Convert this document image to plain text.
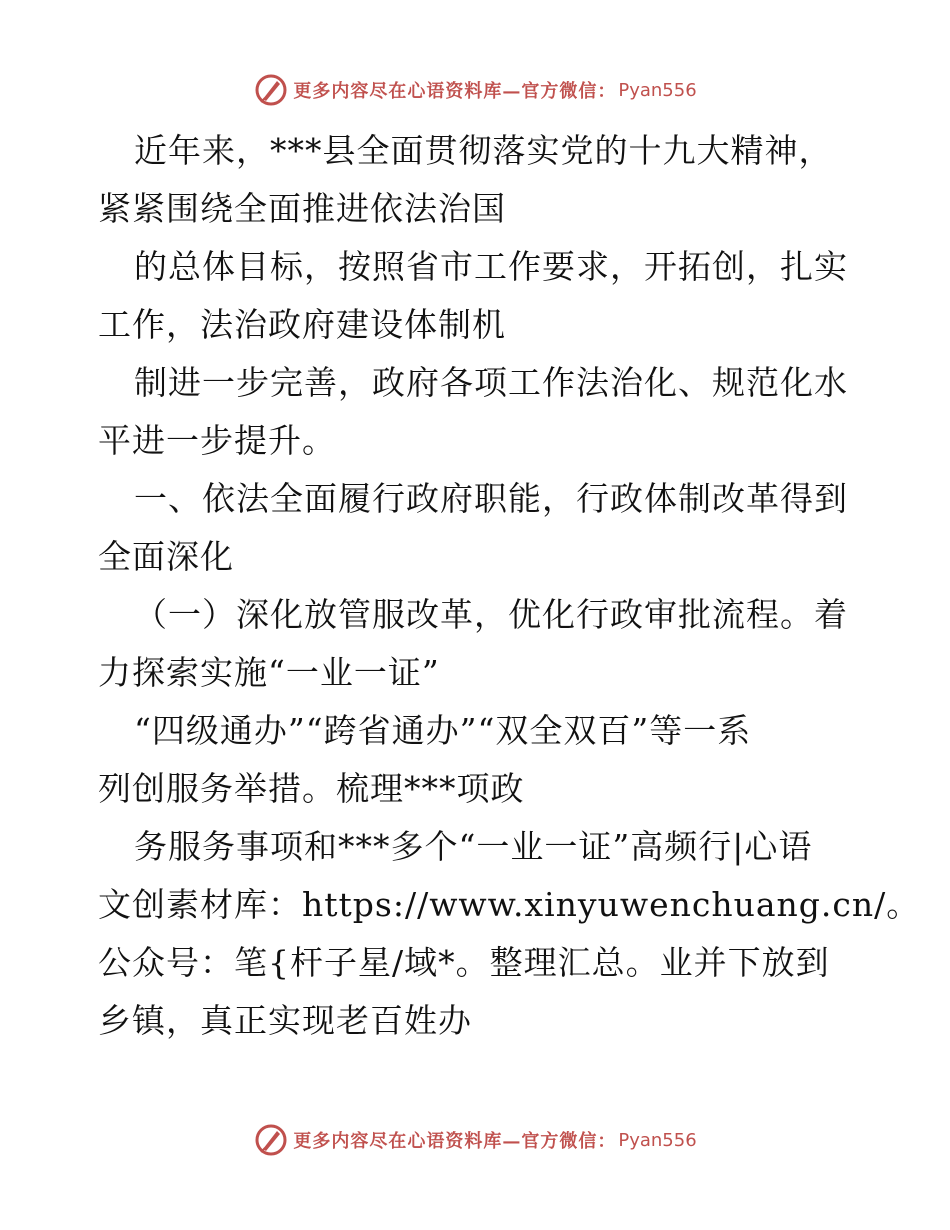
更多内容尽在心语资料库—官方微信： Pyan556

近年来，***县全面贯彻落实党的十九大精神，

紧紧围绕全面推进依法治国

的总体目标，按照省市工作要求，开拓创，扎实

工作，法治政府建设体制机

制进一步完善，政府各项工作法治化、规范化水

平进一步提升。

一、依法全面履行政府职能，行政体制改革得到

全面深化

（一）深化放管服改革，优化行政审批流程。着

力探索实施“一业一证”

“四级通办”“跨省通办”“双全双百”等一系

列创服务举措。梳理***项政

务服务事项和***多个“一业一证”高频行|心语

文创素材库：https://www.xinyuwenchuang.cn/。

公众号：笔{杆子星/域*。整理汇总。业并下放到

乡镇，真正实现老百姓办

更多内容尽在心语资料库—官方微信： Pyan556
